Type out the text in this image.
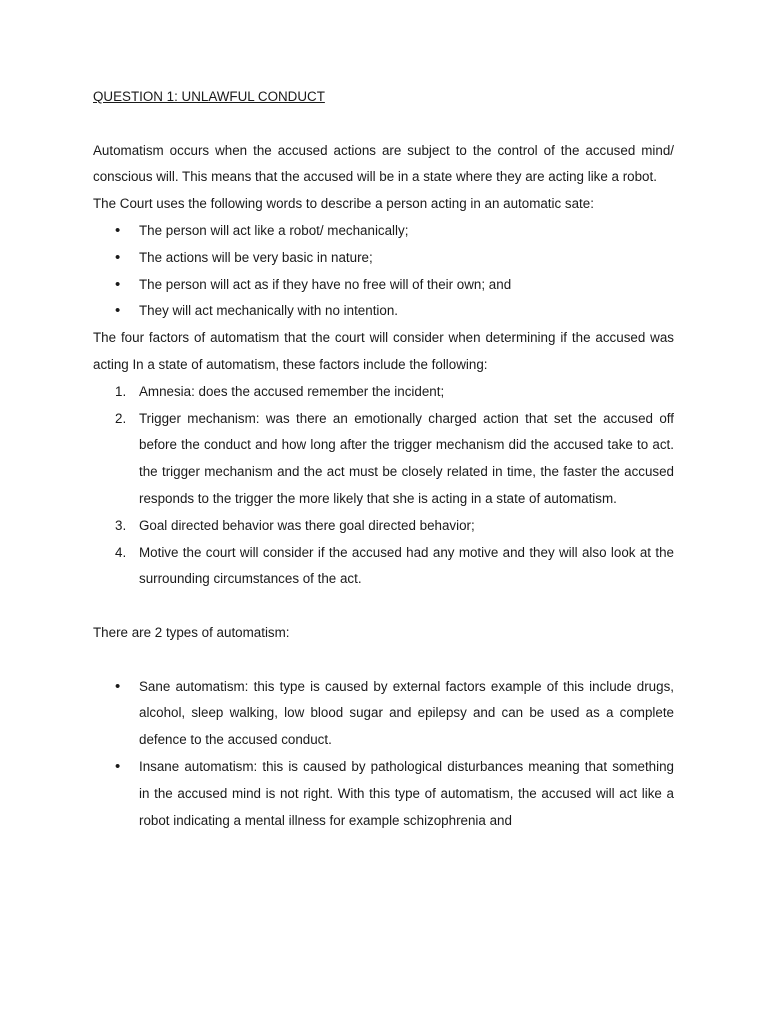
QUESTION 1: UNLAWFUL CONDUCT

Automatism occurs when the accused actions are subject to the control of the accused mind/ conscious will. This means that the accused will be in a state where they are acting like a robot.

The Court uses the following words to describe a person acting in an automatic sate:

• The person will act like a robot/ mechanically;
• The actions will be very basic in nature;
• The person will act as if they have no free will of their own; and
• They will act mechanically with no intention.

The four factors of automatism that the court will consider when determining if the accused was acting In a state of automatism, these factors include the following:

1. Amnesia: does the accused remember the incident;
2. Trigger mechanism: was there an emotionally charged action that set the accused off before the conduct and how long after the trigger mechanism did the accused take to act. the trigger mechanism and the act must be closely related in time, the faster the accused responds to the trigger the more likely that she is acting in a state of automatism.
3. Goal directed behavior was there goal directed behavior;
4. Motive the court will consider if the accused had any motive and they will also look at the surrounding circumstances of the act.

There are 2 types of automatism:

• Sane automatism: this type is caused by external factors example of this include drugs, alcohol, sleep walking, low blood sugar and epilepsy and can be used as a complete defence to the accused conduct.
• Insane automatism: this is caused by pathological disturbances meaning that something in the accused mind is not right. With this type of automatism, the accused will act like a robot indicating a mental illness for example schizophrenia and
